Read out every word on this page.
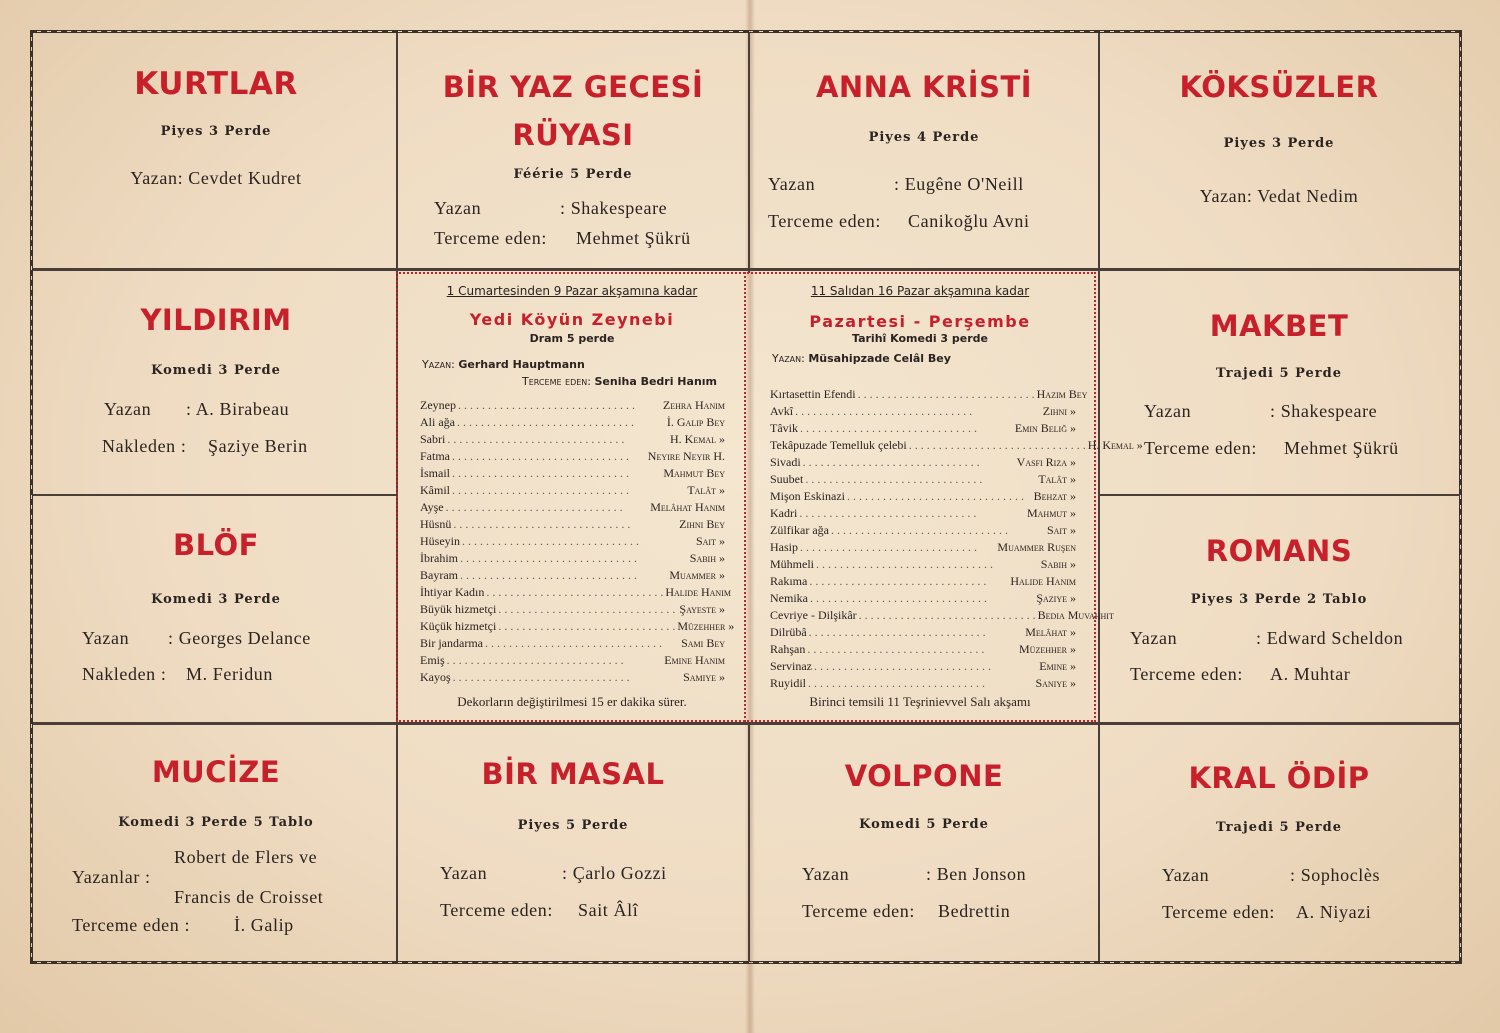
KURTLAR
Piyes 3 Perde
Yazan: Cevdet Kudret
BİR YAZ GECESİ
RÜYASI
Féérie 5 Perde
Yazan	: Shakespeare
Terceme eden: Mehmet Şükrü
ANNA KRİSTİ
Piyes 4 Perde
Yazan	: Eugêne O'Neill
Terceme eden: Canikoğlu Avni
KÖKSÜZLER
Piyes 3 Perde
Yazan: Vedat Nedim
YILDIRIM
Komedi 3 Perde
Yazan : A. Birabeau
Nakleden : Şaziye Berin
BLÖF
Komedi 3 Perde
Yazan : Georges Delance
Nakleden : M. Feridun
MAKBET
Trajedi 5 Perde
Yazan	: Shakespeare
Terceme eden: Mehmet Şükrü
ROMANS
Piyes 3 Perde 2 Tablo
Yazan	: Edward Scheldon
Terceme eden: A. Muhtar
1 Cumartesinden 9 Pazar akşamına kadar
Yedi Köyün Zeynebi
Dram 5 perde
Yazan: Gerhard Hauptmann
Terceme eden: Seniha Bedri Hanım
Zeynep . . . . . . . . . . . . . . . . . . . . . . . . . . . . . .	Zehra Hanım
Ali ağa . . . . . . . . . . . . . . . . . . . . . . . . . . . . . .	İ. Galip Bey
Sabri . . . . . . . . . . . . . . . . . . . . . . . . . . . . . .	H. Kemal »
Fatma . . . . . . . . . . . . . . . . . . . . . . . . . . . . . .	Neyire Neyir H.
İsmail . . . . . . . . . . . . . . . . . . . . . . . . . . . . . .	Mahmut Bey
Kâmil . . . . . . . . . . . . . . . . . . . . . . . . . . . . . .	Talât »
Ayşe . . . . . . . . . . . . . . . . . . . . . . . . . . . . . .	Melâhat Hanım
Hüsnü . . . . . . . . . . . . . . . . . . . . . . . . . . . . . .	Zihni Bey
Hüseyin . . . . . . . . . . . . . . . . . . . . . . . . . . . . . .	Sait »
İbrahim . . . . . . . . . . . . . . . . . . . . . . . . . . . . . .	Sabih »
Bayram . . . . . . . . . . . . . . . . . . . . . . . . . . . . . .	Muammer »
İhtiyar Kadın . . . . . . . . . . . . . . . . . . . . . . . . . . . . . . Halide Hanım
Büyük hizmetçi . . . . . . . . . . . . . . . . . . . . . . . . . . . . . . Şayeste »
Küçük hizmetçi . . . . . . . . . . . . . . . . . . . . . . . . . . . . . . Müzehher »
Bir jandarma . . . . . . . . . . . . . . . . . . . . . . . . . . . . . .	Sami Bey
Emiş . . . . . . . . . . . . . . . . . . . . . . . . . . . . . .	Emine Hanım
Kayoş . . . . . . . . . . . . . . . . . . . . . . . . . . . . . .	Samiye »
Dekorların değiştirilmesi 15 er dakika sürer.
11 Salıdan 16 Pazar akşamına kadar
Pazartesi - Perşembe
Tarihî Komedi 3 perde
Yazan: Müsahipzade Celâl Bey
Kırtasettin Efendi . . . . . . . . . . . . . . . . . . . . . . . . . . . . . . Hazım Bey
Avkî . . . . . . . . . . . . . . . . . . . . . . . . . . . . . .	Zihni »
Tâvik . . . . . . . . . . . . . . . . . . . . . . . . . . . . . .	Emin Beliğ »
Tekâpuzade Temelluk çelebi . . . . . . . . . . . . . . . . . . . . . . . . . . . . . . H. Kemal »
Sivadi . . . . . . . . . . . . . . . . . . . . . . . . . . . . . .	Vasfi Rıza »
Suubet . . . . . . . . . . . . . . . . . . . . . . . . . . . . . .	Talât »
Mişon Eskinazi . . . . . . . . . . . . . . . . . . . . . . . . . . . . . . Behzat »
Kadri . . . . . . . . . . . . . . . . . . . . . . . . . . . . . .	Mahmut »
Zülfikar ağa . . . . . . . . . . . . . . . . . . . . . . . . . . . . . .	Sait »
Hasip . . . . . . . . . . . . . . . . . . . . . . . . . . . . . .	Muammer Ruşen
Mühmeli . . . . . . . . . . . . . . . . . . . . . . . . . . . . . .	Sabih »
Rakıma . . . . . . . . . . . . . . . . . . . . . . . . . . . . . .	Halide Hanım
Nemika . . . . . . . . . . . . . . . . . . . . . . . . . . . . . .	Şaziye »
Cevriye - Dilşikâr . . . . . . . . . . . . . . . . . . . . . . . . . . . . . . Bedia Muvahhit
Dilrübâ . . . . . . . . . . . . . . . . . . . . . . . . . . . . . .	Melâhat »
Rahşan . . . . . . . . . . . . . . . . . . . . . . . . . . . . . .	Müzehher »
Servinaz . . . . . . . . . . . . . . . . . . . . . . . . . . . . . .	Emine »
Ruyidil . . . . . . . . . . . . . . . . . . . . . . . . . . . . . .	Saniye »
Birinci temsili 11 Teşrinievvel Salı akşamı
MUCİZE
Komedi 3 Perde 5 Tablo
Yazanlar :
Robert de Flers ve
Francis de Croisset
Terceme eden : İ. Galip
BİR MASAL
Piyes 5 Perde
Yazan	: Çarlo Gozzi
Terceme eden: Sait Âlî
VOLPONE
Komedi 5 Perde
Yazan	: Ben Jonson
Terceme eden: Bedrettin
KRAL ÖDİP
Trajedi 5 Perde
Yazan	: Sophoclès
Terceme eden: A. Niyazi
